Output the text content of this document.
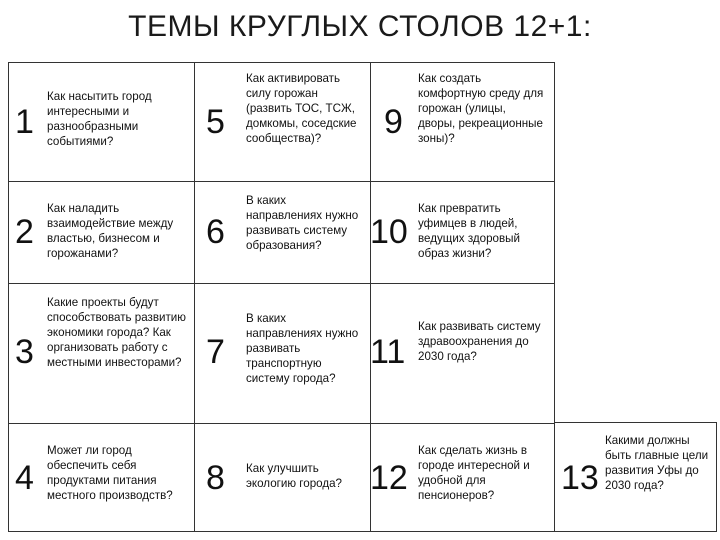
ТЕМЫ КРУГЛЫХ СТОЛОВ 12+1:
1
Как насытить город интересными и разнообразными событиями?
2
Как наладить взаимодействие между властью, бизнесом и горожанами?
3
Какие проекты будут способствовать развитию экономики города? Как организовать работу с местными инвесторами?
4
Может ли город обеспечить себя продуктами питания местного производств?
5
Как активировать силу горожан (развить ТОС, ТСЖ, домкомы, соседские сообщества)?
6
В каких направлениях нужно развивать систему образования?
7
В каких направлениях нужно развивать транспортную систему города?
8 Как улучшить экологию города?
9
Как создать комфортную среду для горожан (улицы, дворы, рекреационные зоны)?
10
Как превратить уфимцев в людей, ведущих здоровый образ жизни?
11
Как развивать систему здравоохранения до 2030 года?
12
Как сделать жизнь в городе интересной и удобной для пенсионеров?	13
Какими должны быть главные цели развития Уфы до 2030 года?
